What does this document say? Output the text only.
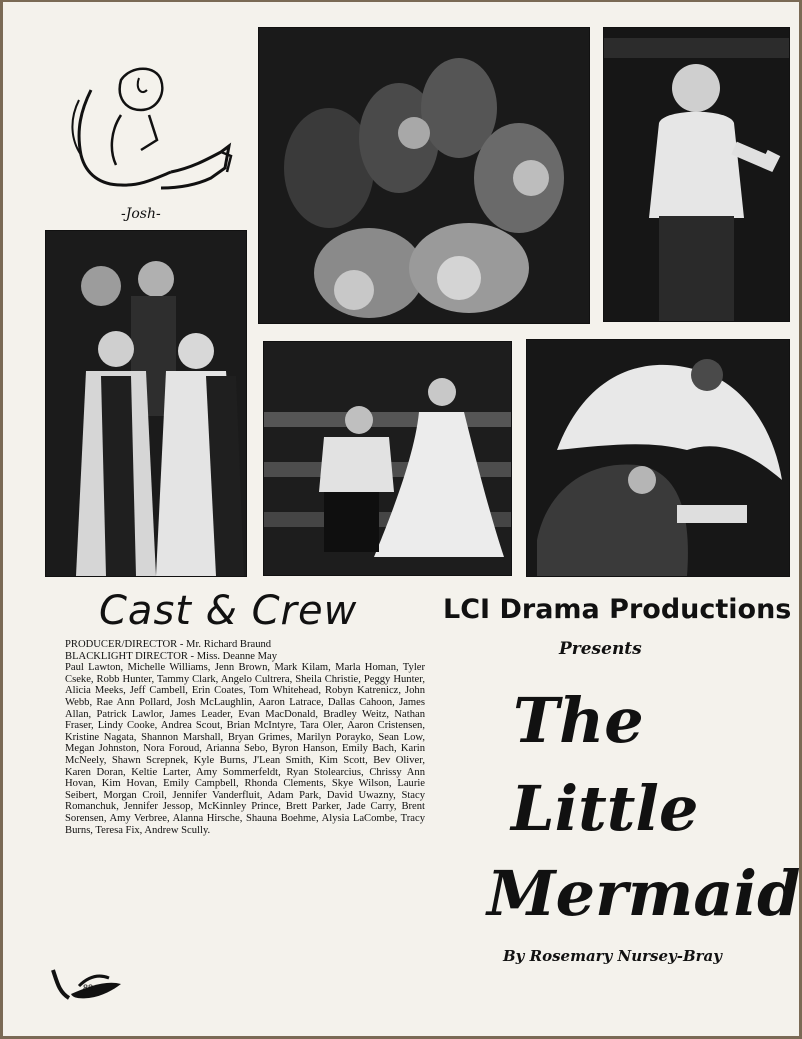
-Josh-
Cast & Crew	LCI Drama Productions
Presents
PRODUCER/DIRECTOR - Mr. Richard Braund
BLACKLIGHT DIRECTOR - Miss. Deanne May
Paul Lawton, Michelle Williams, Jenn Brown, Mark Kilam, Marla Homan, Tyler Cseke, Robb Hunter, Tammy Clark, Angelo Cultrera, Sheila Christie, Peggy Hunter, Alicia Meeks, Jeff Cambell, Erin Coates, Tom Whitehead, Robyn Katrenicz, John Webb, Rae Ann Pollard, Josh McLaughlin, Aaron Latrace, Dallas Cahoon, James Allan, Patrick Lawlor, James Leader, Evan MacDonald, Bradley Weitz, Nathan Fraser, Lindy Cooke, Andrea Scout, Brian McIntyre, Tara Oler, Aaron Cristensen, Kristine Nagata, Shannon Marshall, Bryan Grimes, Marilyn Porayko, Sean Low, Megan Johnston, Nora Foroud, Arianna Sebo, Byron Hanson, Emily Bach, Karin McNeely, Shawn Screpnek, Kyle Burns, J'Lean Smith, Kim Scott, Bev Oliver, Karen Doran, Keltie Larter, Amy Sommerfeldt, Ryan Stolearcius, Chrissy Ann Hovan, Kim Hovan, Emily Campbell, Rhonda Clements, Skye Wilson, Laurie Seibert, Morgan Croil, Jennifer Vanderfluit, Adam Park, David Uwazny, Stacy Romanchuk, Jennifer Jessop, McKinnley Prince, Brett Parker, Jade Carry, Brent Sorensen, Amy Verbree, Alanna Hirsche, Shauna Boehme, Alysia LaCombe, Tracy Burns, Teresa Fix, Andrew Scully.
The
Little
Mermaid
By Rosemary Nursey-Bray
88
